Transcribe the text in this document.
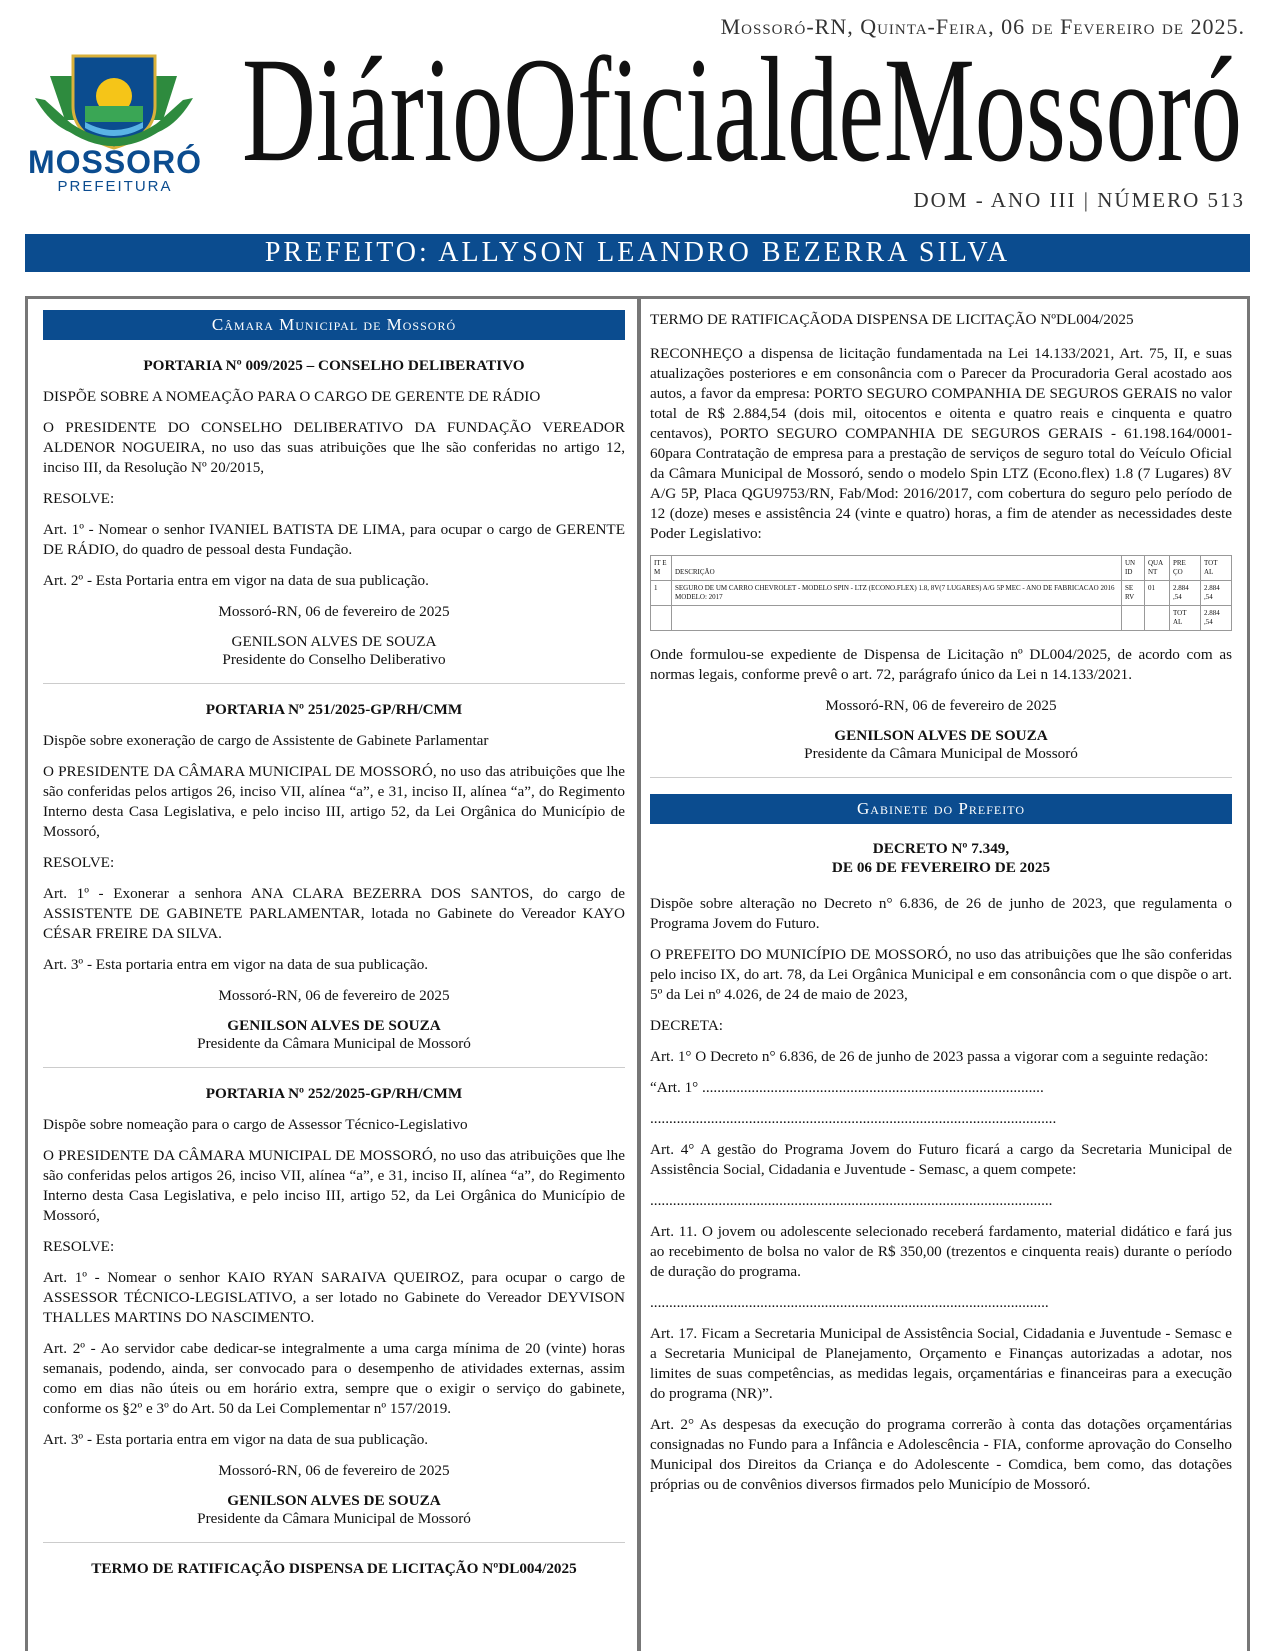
Mossoró-RN, Quinta-Feira, 06 de Fevereiro de 2025.
MOSSORÓ
PREFEITURA DiárioOficialdeMossoró
DOM - ANO III | NÚMERO 513
PREFEITO: ALLYSON LEANDRO BEZERRA SILVA
Câmara Municipal de Mossoró

PORTARIA Nº 009/2025 – CONSELHO DELIBERATIVO

DISPÕE SOBRE A NOMEAÇÃO PARA O CARGO DE GERENTE DE RÁDIO

O PRESIDENTE DO CONSELHO DELIBERATIVO DA FUNDAÇÃO VEREADOR ALDENOR NOGUEIRA, no uso das suas atribuições que lhe são conferidas no artigo 12, inciso III, da Resolução Nº 20/2015,

RESOLVE:

Art. 1º - Nomear o senhor IVANIEL BATISTA DE LIMA, para ocupar o cargo de GERENTE DE RÁDIO, do quadro de pessoal desta Fundação.

Art. 2º - Esta Portaria entra em vigor na data de sua publicação.

Mossoró-RN, 06 de fevereiro de 2025

GENILSON ALVES DE SOUZA

Presidente do Conselho Deliberativo

PORTARIA Nº 251/2025-GP/RH/CMM

Dispõe sobre exoneração de cargo de Assistente de Gabinete Parlamentar

O PRESIDENTE DA CÂMARA MUNICIPAL DE MOSSORÓ, no uso das atribuições que lhe são conferidas pelos artigos 26, inciso VII, alínea “a”, e 31, inciso II, alínea “a”, do Regimento Interno desta Casa Legislativa, e pelo inciso III, artigo 52, da Lei Orgânica do Município de Mossoró,

RESOLVE:

Art. 1º - Exonerar a senhora ANA CLARA BEZERRA DOS SANTOS, do cargo de ASSISTENTE DE GABINETE PARLAMENTAR, lotada no Gabinete do Vereador KAYO CÉSAR FREIRE DA SILVA.

Art. 3º - Esta portaria entra em vigor na data de sua publicação.

Mossoró-RN, 06 de fevereiro de 2025

GENILSON ALVES DE SOUZA

Presidente da Câmara Municipal de Mossoró

PORTARIA Nº 252/2025-GP/RH/CMM

Dispõe sobre nomeação para o cargo de Assessor Técnico-Legislativo

O PRESIDENTE DA CÂMARA MUNICIPAL DE MOSSORÓ, no uso das atribuições que lhe são conferidas pelos artigos 26, inciso VII, alínea “a”, e 31, inciso II, alínea “a”, do Regimento Interno desta Casa Legislativa, e pelo inciso III, artigo 52, da Lei Orgânica do Município de Mossoró,

RESOLVE:

Art. 1º - Nomear o senhor KAIO RYAN SARAIVA QUEIROZ, para ocupar o cargo de ASSESSOR TÉCNICO-LEGISLATIVO, a ser lotado no Gabinete do Vereador DEYVISON THALLES MARTINS DO NASCIMENTO.

Art. 2º - Ao servidor cabe dedicar-se integralmente a uma carga mínima de 20 (vinte) horas semanais, podendo, ainda, ser convocado para o desempenho de atividades externas, assim como em dias não úteis ou em horário extra, sempre que o exigir o serviço do gabinete, conforme os §2º e 3º do Art. 50 da Lei Complementar nº 157/2019.

Art. 3º - Esta portaria entra em vigor na data de sua publicação.

Mossoró-RN, 06 de fevereiro de 2025

GENILSON ALVES DE SOUZA

Presidente da Câmara Municipal de Mossoró

TERMO DE RATIFICAÇÃO DISPENSA DE LICITAÇÃO NºDL004/2025

TERMO DE RATIFICAÇÃODA DISPENSA DE LICITAÇÃO NºDL004/2025

RECONHEÇO a dispensa de licitação fundamentada na Lei 14.133/2021, Art. 75, II, e suas atualizações posteriores e em consonância com o Parecer da Procuradoria Geral acostado aos autos, a favor da empresa: PORTO SEGURO COMPANHIA DE SEGUROS GERAIS no valor total de R$ 2.884,54 (dois mil, oitocentos e oitenta e quatro reais e cinquenta e quatro centavos), PORTO SEGURO COMPANHIA DE SEGUROS GERAIS - 61.198.164/0001-60para Contratação de empresa para a prestação de serviços de seguro total do Veículo Oficial da Câmara Municipal de Mossoró, sendo o modelo Spin LTZ (Econo.flex) 1.8 (7 Lugares) 8V A/G 5P, Placa QGU9753/RN, Fab/Mod: 2016/2017, com cobertura do seguro pelo período de 12 (doze) meses e assistência 24 (vinte e quatro) horas, a fim de atender as necessidades deste Poder Legislativo:

IT E M	DESCRIÇÃO	UN ID	QUA NT	PRE ÇO	TOT AL
1	SEGURO DE UM CARRO CHEVROLET - MODELO SPIN - LTZ (ECONO.FLEX) 1.8, 8V(7 LUGARES) A/G 5P MEC - ANO DE FABRICACAO 2016 MODELO: 2017	SE RV	01	2.884 ,54	2.884 ,54
				TOT AL	2.884 ,54

Onde formulou-se expediente de Dispensa de Licitação nº DL004/2025, de acordo com as normas legais, conforme prevê o art. 72, parágrafo único da Lei n 14.133/2021.

Mossoró-RN, 06 de fevereiro de 2025

GENILSON ALVES DE SOUZA

Presidente da Câmara Municipal de Mossoró

Gabinete do Prefeito

DECRETO Nº 7.349,

DE 06 DE FEVEREIRO DE 2025

Dispõe sobre alteração no Decreto n° 6.836, de 26 de junho de 2023, que regulamenta o Programa Jovem do Futuro.

O PREFEITO DO MUNICÍPIO DE MOSSORÓ, no uso das atribuições que lhe são conferidas pelo inciso IX, do art. 78, da Lei Orgânica Municipal e em consonância com o que dispõe o art. 5º da Lei nº 4.026, de 24 de maio de 2023,

DECRETA:

Art. 1° O Decreto n° 6.836, de 26 de junho de 2023 passa a vigorar com a seguinte redação:

“Art. 1° ..........................................................................................

...........................................................................................................

Art. 4° A gestão do Programa Jovem do Futuro ficará a cargo da Secretaria Municipal de Assistência Social, Cidadania e Juventude - Semasc, a quem compete:

..........................................................................................................

Art. 11. O jovem ou adolescente selecionado receberá fardamento, material didático e fará jus ao recebimento de bolsa no valor de R$ 350,00 (trezentos e cinquenta reais) durante o período de duração do programa.

.........................................................................................................

Art. 17. Ficam a Secretaria Municipal de Assistência Social, Cidadania e Juventude - Semasc e a Secretaria Municipal de Planejamento, Orçamento e Finanças autorizadas a adotar, nos limites de suas competências, as medidas legais, orçamentárias e financeiras para a execução do programa (NR)”.

Art. 2° As despesas da execução do programa correrão à conta das dotações orçamentárias consignadas no Fundo para a Infância e Adolescência - FIA, conforme aprovação do Conselho Municipal dos Direitos da Criança e do Adolescente - Comdica, bem como, das dotações próprias ou de convênios diversos firmados pelo Município de Mossoró.
